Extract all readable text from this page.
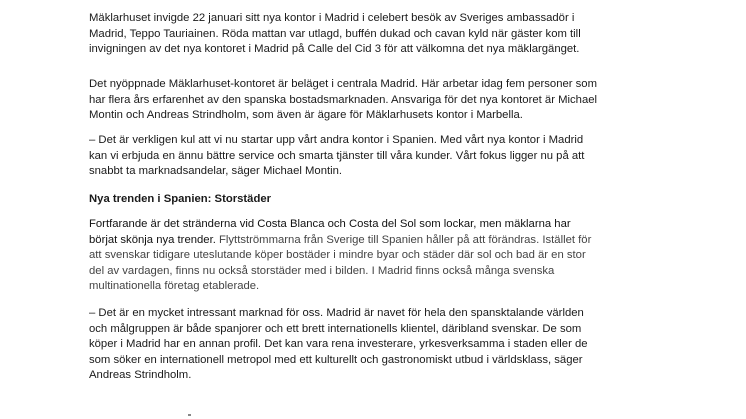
Mäklarhuset invigde 22 januari sitt nya kontor i Madrid i celebert besök av Sveriges ambassadör i
Madrid, Teppo Tauriainen. Röda mattan var utlagd, buffén dukad och cavan kyld när gäster kom till
invigningen av det nya kontoret i Madrid på Calle del Cid 3 för att välkomna det nya mäklargänget.

Det nyöppnade Mäklarhuset-kontoret är beläget i centrala Madrid. Här arbetar idag fem personer som
har flera års erfarenhet av den spanska bostadsmarknaden. Ansvariga för det nya kontoret är Michael
Montin och Andreas Strindholm, som även är ägare för Mäklarhusets kontor i Marbella.

– Det är verkligen kul att vi nu startar upp vårt andra kontor i Spanien. Med vårt nya kontor i Madrid
kan vi erbjuda en ännu bättre service och smarta tjänster till våra kunder. Vårt fokus ligger nu på att
snabbt ta marknadsandelar, säger Michael Montin.

Nya trenden i Spanien: Storstäder

Fortfarande är det stränderna vid Costa Blanca och Costa del Sol som lockar, men mäklarna har
börjat skönja nya trender. Flyttströmmarna från Sverige till Spanien håller på att förändras. Istället för
att svenskar tidigare uteslutande köper bostäder i mindre byar och städer där sol och bad är en stor
del av vardagen, finns nu också storstäder med i bilden. I Madrid finns också många svenska
multinationella företag etablerade.

– Det är en mycket intressant marknad för oss. Madrid är navet för hela den spansktalande världen
och målgruppen är både spanjorer och ett brett internationells klientel, däribland svenskar. De som
köper i Madrid har en annan profil. Det kan vara rena investerare, yrkesverksamma i staden eller de
som söker en internationell metropol med ett kulturellt och gastronomiskt utbud i världsklass, säger
Andreas Strindholm.
